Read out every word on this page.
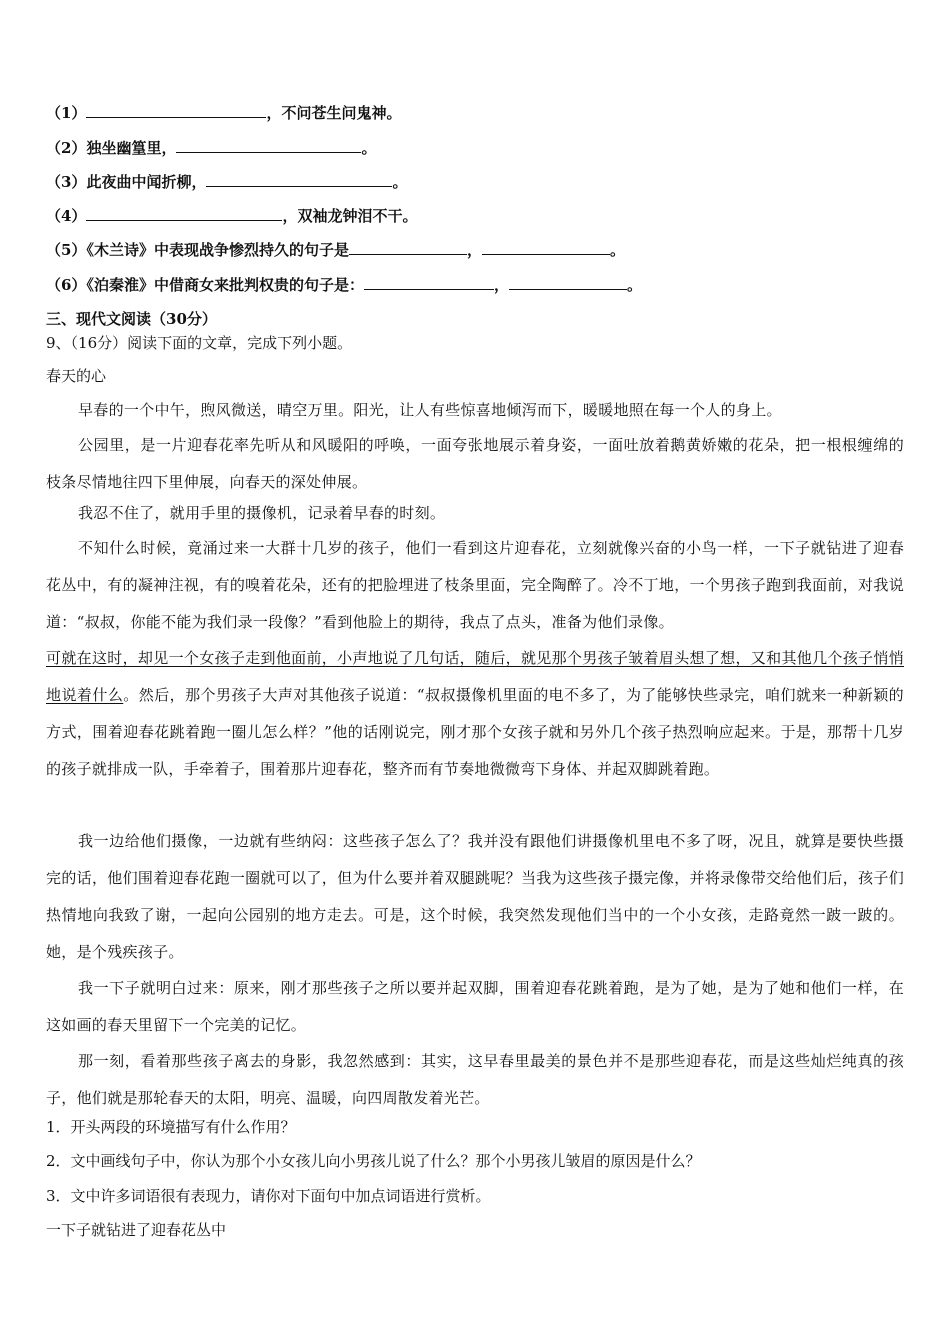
（1）	，不问苍生问鬼神。
（2）独坐幽篁里，	。
（3）此夜曲中闻折柳，	。
（4）	，双袖龙钟泪不干。
（5）《木兰诗》中表现战争惨烈持久的句子是	，	。
（6）《泊秦淮》中借商女来批判权贵的句子是：	，	。
三、现代文阅读（30分）
9、（16分）阅读下面的文章，完成下列小题。
春天的心
早春的一个中午，煦风微送，晴空万里。阳光，让人有些惊喜地倾泻而下，暖暖地照在每一个人的身上。
公园里，是一片迎春花率先听从和风暖阳的呼唤，一面夸张地展示着身姿，一面吐放着鹅黄娇嫩的花朵，把一根根缠绵的枝条尽情地往四下里伸展，向春天的深处伸展。
我忍不住了，就用手里的摄像机，记录着早春的时刻。
不知什么时候，竟涌过来一大群十几岁的孩子，他们一看到这片迎春花，立刻就像兴奋的小鸟一样，一下子就钻进了迎春花丛中，有的凝神注视，有的嗅着花朵，还有的把脸埋进了枝条里面，完全陶醉了。冷不丁地，一个男孩子跑到我面前，对我说道：“叔叔，你能不能为我们录一段像？”看到他脸上的期待，我点了点头，准备为他们录像。
可就在这时，却见一个女孩子走到他面前，小声地说了几句话，随后，就见那个男孩子皱着眉头想了想，又和其他几个孩子悄悄地说着什么。然后，那个男孩子大声对其他孩子说道：“叔叔摄像机里面的电不多了，为了能够快些录完，咱们就来一种新颖的方式，围着迎春花跳着跑一圈儿怎么样？”他的话刚说完，刚才那个女孩子就和另外几个孩子热烈响应起来。于是，那帮十几岁的孩子就排成一队，手牵着子，围着那片迎春花，整齐而有节奏地微微弯下身体、并起双脚跳着跑。
我一边给他们摄像，一边就有些纳闷：这些孩子怎么了？我并没有跟他们讲摄像机里电不多了呀，况且，就算是要快些摄完的话，他们围着迎春花跑一圈就可以了，但为什么要并着双腿跳呢？当我为这些孩子摄完像，并将录像带交给他们后，孩子们热情地向我致了谢，一起向公园别的地方走去。可是，这个时候，我突然发现他们当中的一个小女孩，走路竟然一跛一跛的。她，是个残疾孩子。
我一下子就明白过来：原来，刚才那些孩子之所以要并起双脚，围着迎春花跳着跑，是为了她，是为了她和他们一样，在这如画的春天里留下一个完美的记忆。
那一刻，看着那些孩子离去的身影，我忽然感到：其实，这早春里最美的景色并不是那些迎春花，而是这些灿烂纯真的孩子，他们就是那轮春天的太阳，明亮、温暖，向四周散发着光芒。
1．开头两段的环境描写有什么作用？
2．文中画线句子中，你认为那个小女孩儿向小男孩儿说了什么？那个小男孩儿皱眉的原因是什么？
3．文中许多词语很有表现力，请你对下面句中加点词语进行赏析。
一下子就钻进了迎春花丛中
